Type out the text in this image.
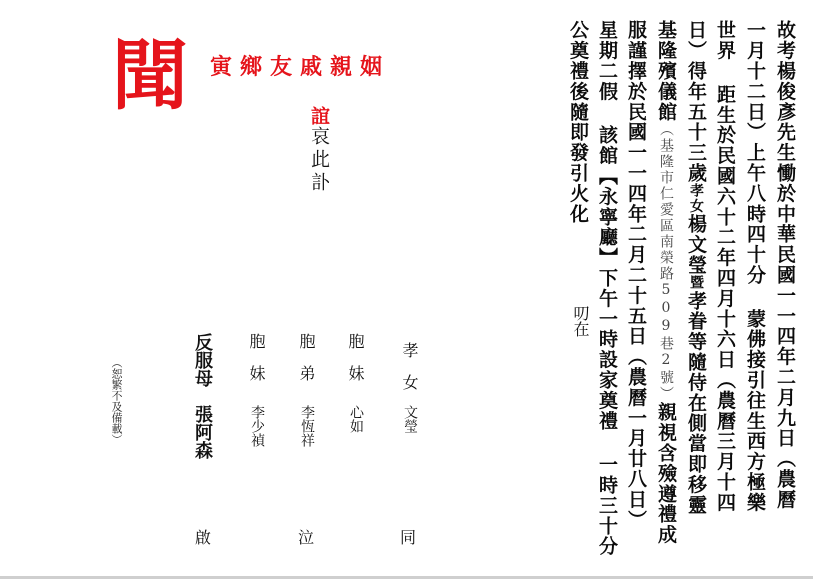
聞 寅鄉友戚親姻
誼
哀此訃
（恕繁不及備載）	反服母
張阿森
胞　妹
李少禎
胞　弟
李恆祥
胞　妹
心如
孝　女
文瑩
啟	泣	同
故考楊俊彥先生慟於中華民國一一四年二月九日（農曆
一月十二日）上午八時四十分 蒙佛接引往生西方極樂
世界 距生於民國六十二年四月十六日（農曆三月十四
日）得年五十三歲孝女楊文瑩暨孝眷等隨侍在側當即移靈
基隆殯儀館（基隆市仁愛區南榮路509巷2號）親視含殮遵禮成
服謹擇於民國一一四年二月二十五日（農曆一月廿八日）
星期二假 該館【永寧廳】下午一時設家奠禮 一時三十分
公奠禮後隨即發引火化
叨在
